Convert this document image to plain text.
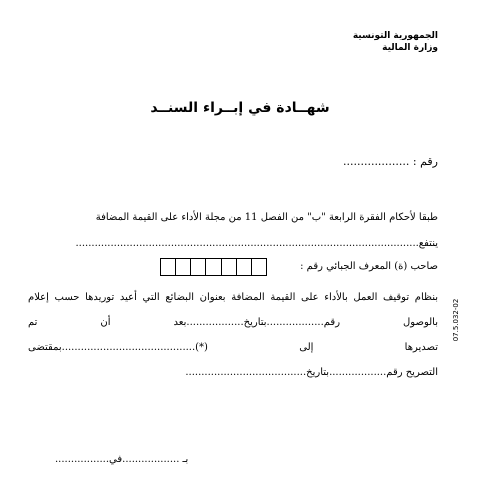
الجمهورية التونسية
وزارة المالية
شهــادة في إبــراء السنــد
رقم : ...................
طبقا لأحكام الفقرة الرابعة "ب" من الفصل 11 من مجلة الأداء على القيمة المضافة
ينتفع............................................................................................................
صاحب (ة) المعرف الجبائي رقم :
بنظام توقيف العمل بالأداء على القيمة المضافة بعنوان البضائع التي أعيد توريدها حسب إعلام
بالوصول رقم..................بتاريخ..................بعد أن تم
تصديرها إلى (*)..........................................بمقتضى
التصريح رقم..................بتاريخ......................................
07.5.032-02
بـ ..................في.................
